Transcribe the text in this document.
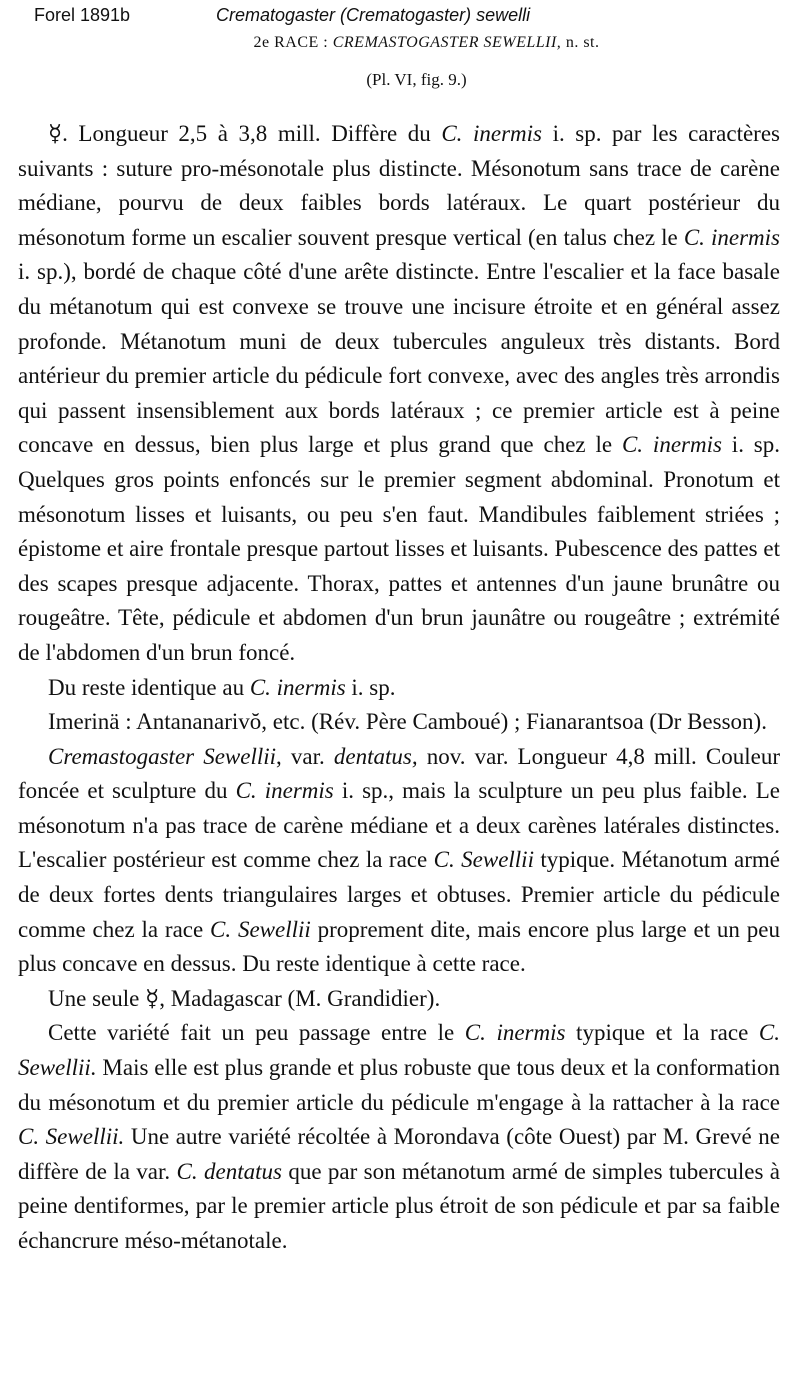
Forel 1891b	Crematogaster (Crematogaster) sewelli
2e RACE : CREMASTOGASTER SEWELLII, n. st.
(Pl. VI, fig. 9.)

☿. Longueur 2,5 à 3,8 mill. Diffère du C. inermis i. sp. par les caractères suivants : suture pro-mésonotale plus distincte. Mésonotum sans trace de carène médiane, pourvu de deux faibles bords latéraux. Le quart postérieur du mésonotum forme un escalier souvent presque vertical (en talus chez le C. inermis i. sp.), bordé de chaque côté d'une arête distincte. Entre l'escalier et la face basale du métanotum qui est convexe se trouve une incisure étroite et en général assez profonde. Métanotum muni de deux tubercules anguleux très distants. Bord antérieur du premier article du pédicule fort convexe, avec des angles très arrondis qui passent insensiblement aux bords latéraux ; ce premier article est à peine concave en dessus, bien plus large et plus grand que chez le C. inermis i. sp. Quelques gros points enfoncés sur le premier segment abdominal. Pronotum et mésonotum lisses et luisants, ou peu s'en faut. Mandibules faiblement striées ; épistome et aire frontale presque partout lisses et luisants. Pubescence des pattes et des scapes presque adjacente. Thorax, pattes et antennes d'un jaune brunâtre ou rougeâtre. Tête, pédicule et abdomen d'un brun jaunâtre ou rougeâtre ; extrémité de l'abdomen d'un brun foncé.

Du reste identique au C. inermis i. sp.

Imerinä : Antananarivŏ, etc. (Rév. Père Camboué) ; Fianarantsoa (Dr Besson).

Cremastogaster Sewellii, var. dentatus, nov. var. Longueur 4,8 mill. Couleur foncée et sculpture du C. inermis i. sp., mais la sculpture un peu plus faible. Le mésonotum n'a pas trace de carène médiane et a deux carènes latérales distinctes. L'escalier postérieur est comme chez la race C. Sewellii typique. Métanotum armé de deux fortes dents triangulaires larges et obtuses. Premier article du pédicule comme chez la race C. Sewellii proprement dite, mais encore plus large et un peu plus concave en dessus. Du reste identique à cette race.

Une seule ☿, Madagascar (M. Grandidier).

Cette variété fait un peu passage entre le C. inermis typique et la race C. Sewellii. Mais elle est plus grande et plus robuste que tous deux et la conformation du mésonotum et du premier article du pédicule m'engage à la rattacher à la race C. Sewellii. Une autre variété récoltée à Morondava (côte Ouest) par M. Grevé ne diffère de la var. C. dentatus que par son métanotum armé de simples tubercules à peine dentiformes, par le premier article plus étroit de son pédicule et par sa faible échancrure méso-métanotale.
